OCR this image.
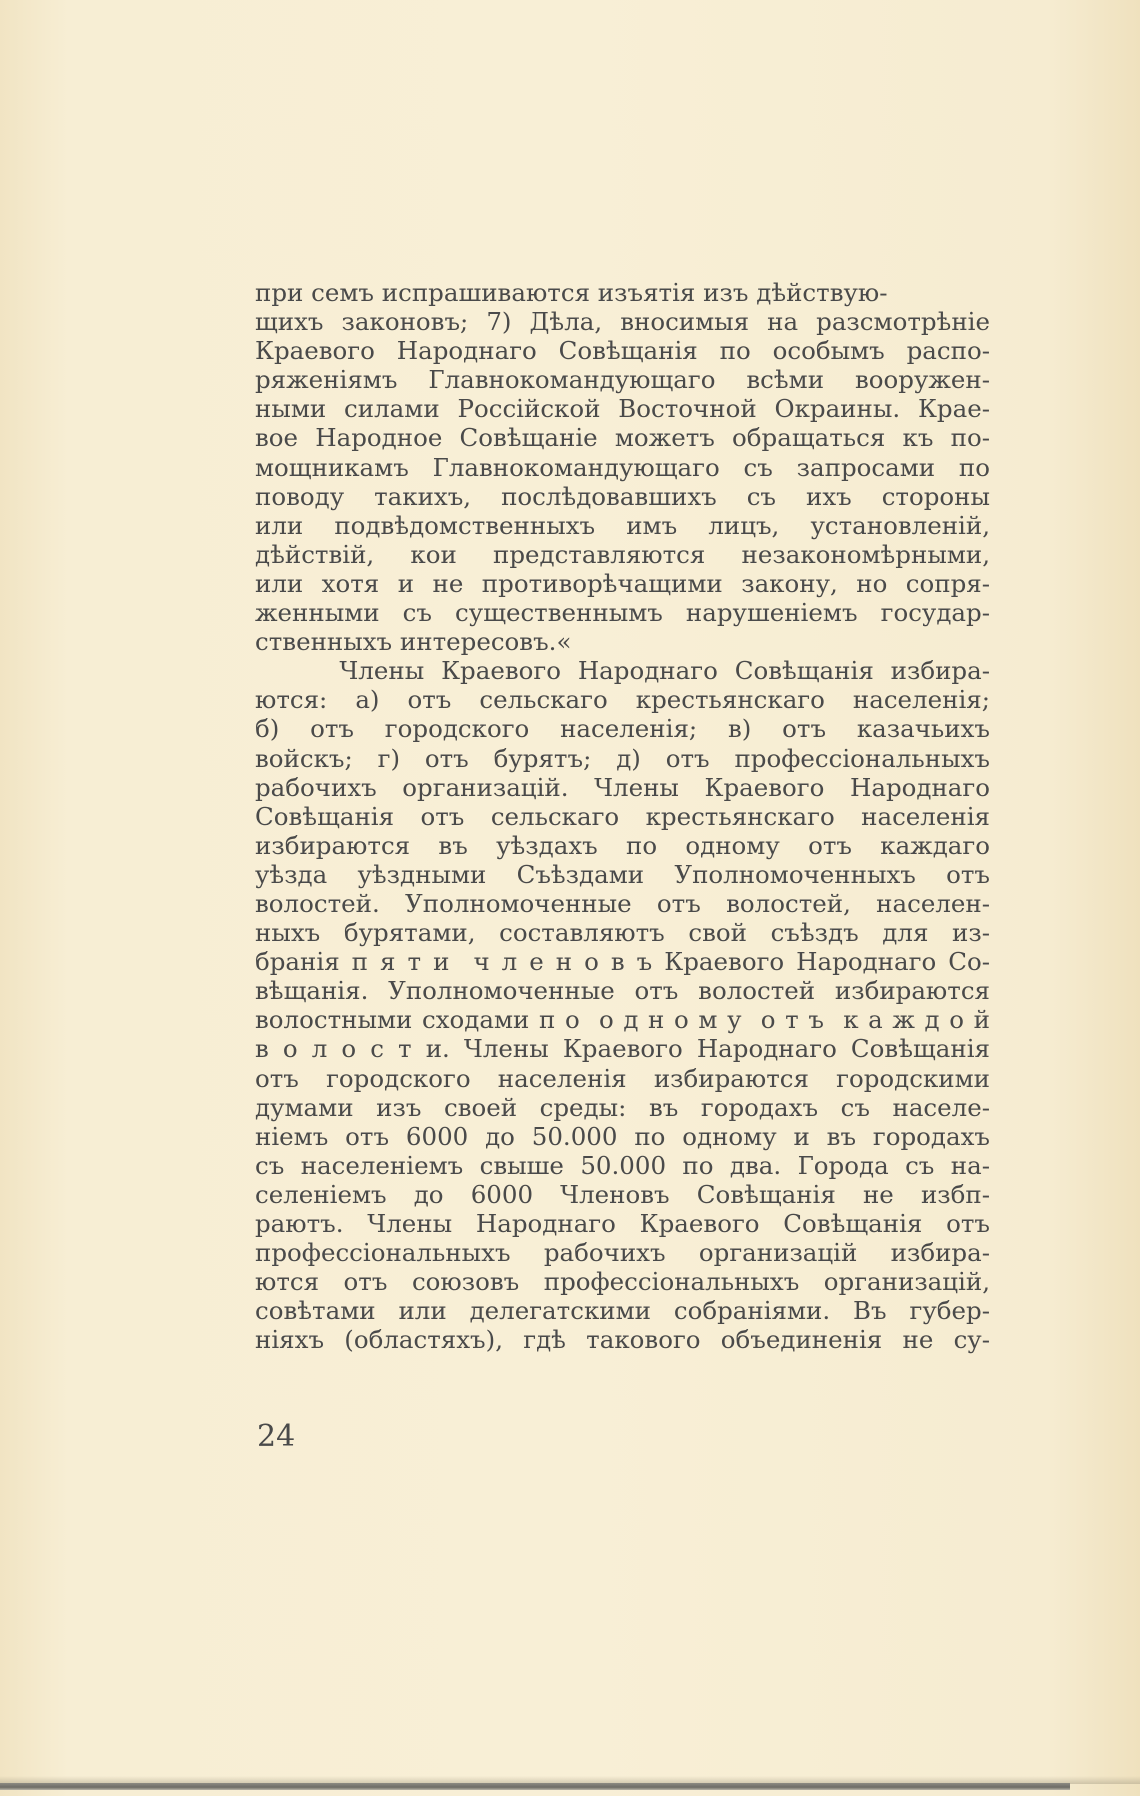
при семъ испрашиваются изъятія изъ дѣйствую-
щихъ законовъ; 7) Дѣла, вносимыя на разсмотрѣніе
Краевого Народнаго Совѣщанія по особымъ распо-
ряженіямъ Главнокомандующаго всѣми вооружен-
ными силами Россійской Восточной Окраины. Крае-
вое Народное Совѣщаніе можетъ обращаться къ по-
мощникамъ Главнокомандующаго съ запросами по
поводу такихъ, послѣдовавшихъ съ ихъ стороны
или подвѣдомственныхъ имъ лицъ, установленій,
дѣйствій, кои представляются незакономѣрными,
или хотя и не противорѣчащими закону, но сопря-
женными съ существеннымъ нарушеніемъ государ-
ственныхъ интересовъ.«
Члены Краевого Народнаго Совѣщанія избира-
ются: а) отъ сельскаго крестьянскаго населенія;
б) отъ городского населенія; в) отъ казачьихъ
войскъ; г) отъ бурятъ; д) отъ профессіональныхъ
рабочихъ организацій. Члены Краевого Народнаго
Совѣщанія отъ сельскаго крестьянскаго населенія
избираются въ уѣздахъ по одному отъ каждаго
уѣзда уѣздными Съѣздами Уполномоченныхъ отъ
волостей. Уполномоченные отъ волостей, населен-
ныхъ бурятами, составляютъ свой съѣздъ для из-
бранія п я т и  ч л е н о в ъ Краевого Народнаго Со-
вѣщанія. Уполномоченные отъ волостей избираются
волостными сходами п о  о д н о м у  о т ъ  к а ж д о й
в о л о с т и. Члены Краевого Народнаго Совѣщанія
отъ городского населенія избираются городскими
думами изъ своей среды: въ городахъ съ населе-
ніемъ отъ 6000 до 50.000 по одному и въ городахъ
съ населеніемъ свыше 50.000 по два. Города съ на-
селеніемъ до 6000 Членовъ Совѣщанія не избп-
раютъ. Члены Народнаго Краевого Совѣщанія отъ
профессіональныхъ рабочихъ организацій избира-
ются отъ союзовъ профессіональныхъ организацій,
совѣтами или делегатскими собраніями. Въ губер-
ніяхъ (областяхъ), гдѣ такового объединенія не су-
24
